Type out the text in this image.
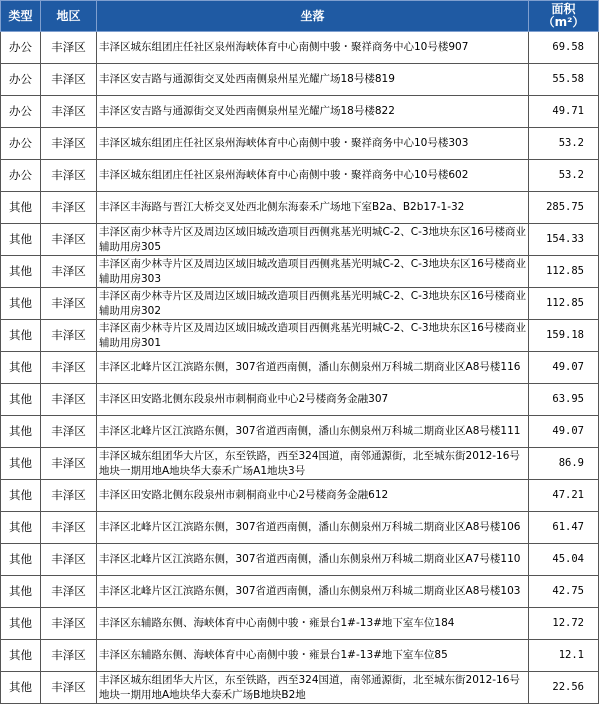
类型	地区	坐落	面积
（m²）
办公	丰泽区	丰泽区城东组团庄任社区泉州海峡体育中心南侧中骏・聚祥商务中心10号楼907	69.58
办公	丰泽区	丰泽区安吉路与通源街交叉处西南侧泉州星光耀广场18号楼819	55.58
办公	丰泽区	丰泽区安吉路与通源街交叉处西南侧泉州星光耀广场18号楼822	49.71
办公	丰泽区	丰泽区城东组团庄任社区泉州海峡体育中心南侧中骏・聚祥商务中心10号楼303	53.2
办公	丰泽区	丰泽区城东组团庄任社区泉州海峡体育中心南侧中骏・聚祥商务中心10号楼602	53.2
其他	丰泽区	丰泽区丰海路与晋江大桥交叉处西北侧东海泰禾广场地下室B2a、B2b17-1-32	285.75
其他	丰泽区	丰泽区南少林寺片区及周边区域旧城改造项目西侧兆基光明城C-2、C-3地块东区16号楼商业辅助用房305	154.33
其他	丰泽区	丰泽区南少林寺片区及周边区域旧城改造项目西侧兆基光明城C-2、C-3地块东区16号楼商业辅助用房303	112.85
其他	丰泽区	丰泽区南少林寺片区及周边区域旧城改造项目西侧兆基光明城C-2、C-3地块东区16号楼商业辅助用房302	112.85
其他	丰泽区	丰泽区南少林寺片区及周边区域旧城改造项目西侧兆基光明城C-2、C-3地块东区16号楼商业辅助用房301	159.18
其他	丰泽区	丰泽区北峰片区江滨路东侧，307省道西南侧，潘山东侧泉州万科城二期商业区A8号楼116	49.07
其他	丰泽区	丰泽区田安路北侧东段泉州市刺桐商业中心2号楼商务金融307	63.95
其他	丰泽区	丰泽区北峰片区江滨路东侧，307省道西南侧，潘山东侧泉州万科城二期商业区A8号楼111	49.07
其他	丰泽区	丰泽区城东组团华大片区，东至铁路，西至324国道，南邻通源街，北至城东街2012-16号地块一期用地A地块华大泰禾广场A1地块3号	86.9
其他	丰泽区	丰泽区田安路北侧东段泉州市刺桐商业中心2号楼商务金融612	47.21
其他	丰泽区	丰泽区北峰片区江滨路东侧，307省道西南侧，潘山东侧泉州万科城二期商业区A8号楼106	61.47
其他	丰泽区	丰泽区北峰片区江滨路东侧，307省道西南侧，潘山东侧泉州万科城二期商业区A7号楼110	45.04
其他	丰泽区	丰泽区北峰片区江滨路东侧，307省道西南侧，潘山东侧泉州万科城二期商业区A8号楼103	42.75
其他	丰泽区	丰泽区东辅路东侧、海峡体育中心南侧中骏・雍景台1#-13#地下室车位184	12.72
其他	丰泽区	丰泽区东辅路东侧、海峡体育中心南侧中骏・雍景台1#-13#地下室车位85	12.1
其他	丰泽区	丰泽区城东组团华大片区，东至铁路，西至324国道，南邻通源街，北至城东街2012-16号地块一期用地A地块华大泰禾广场B地块B2地	22.56
